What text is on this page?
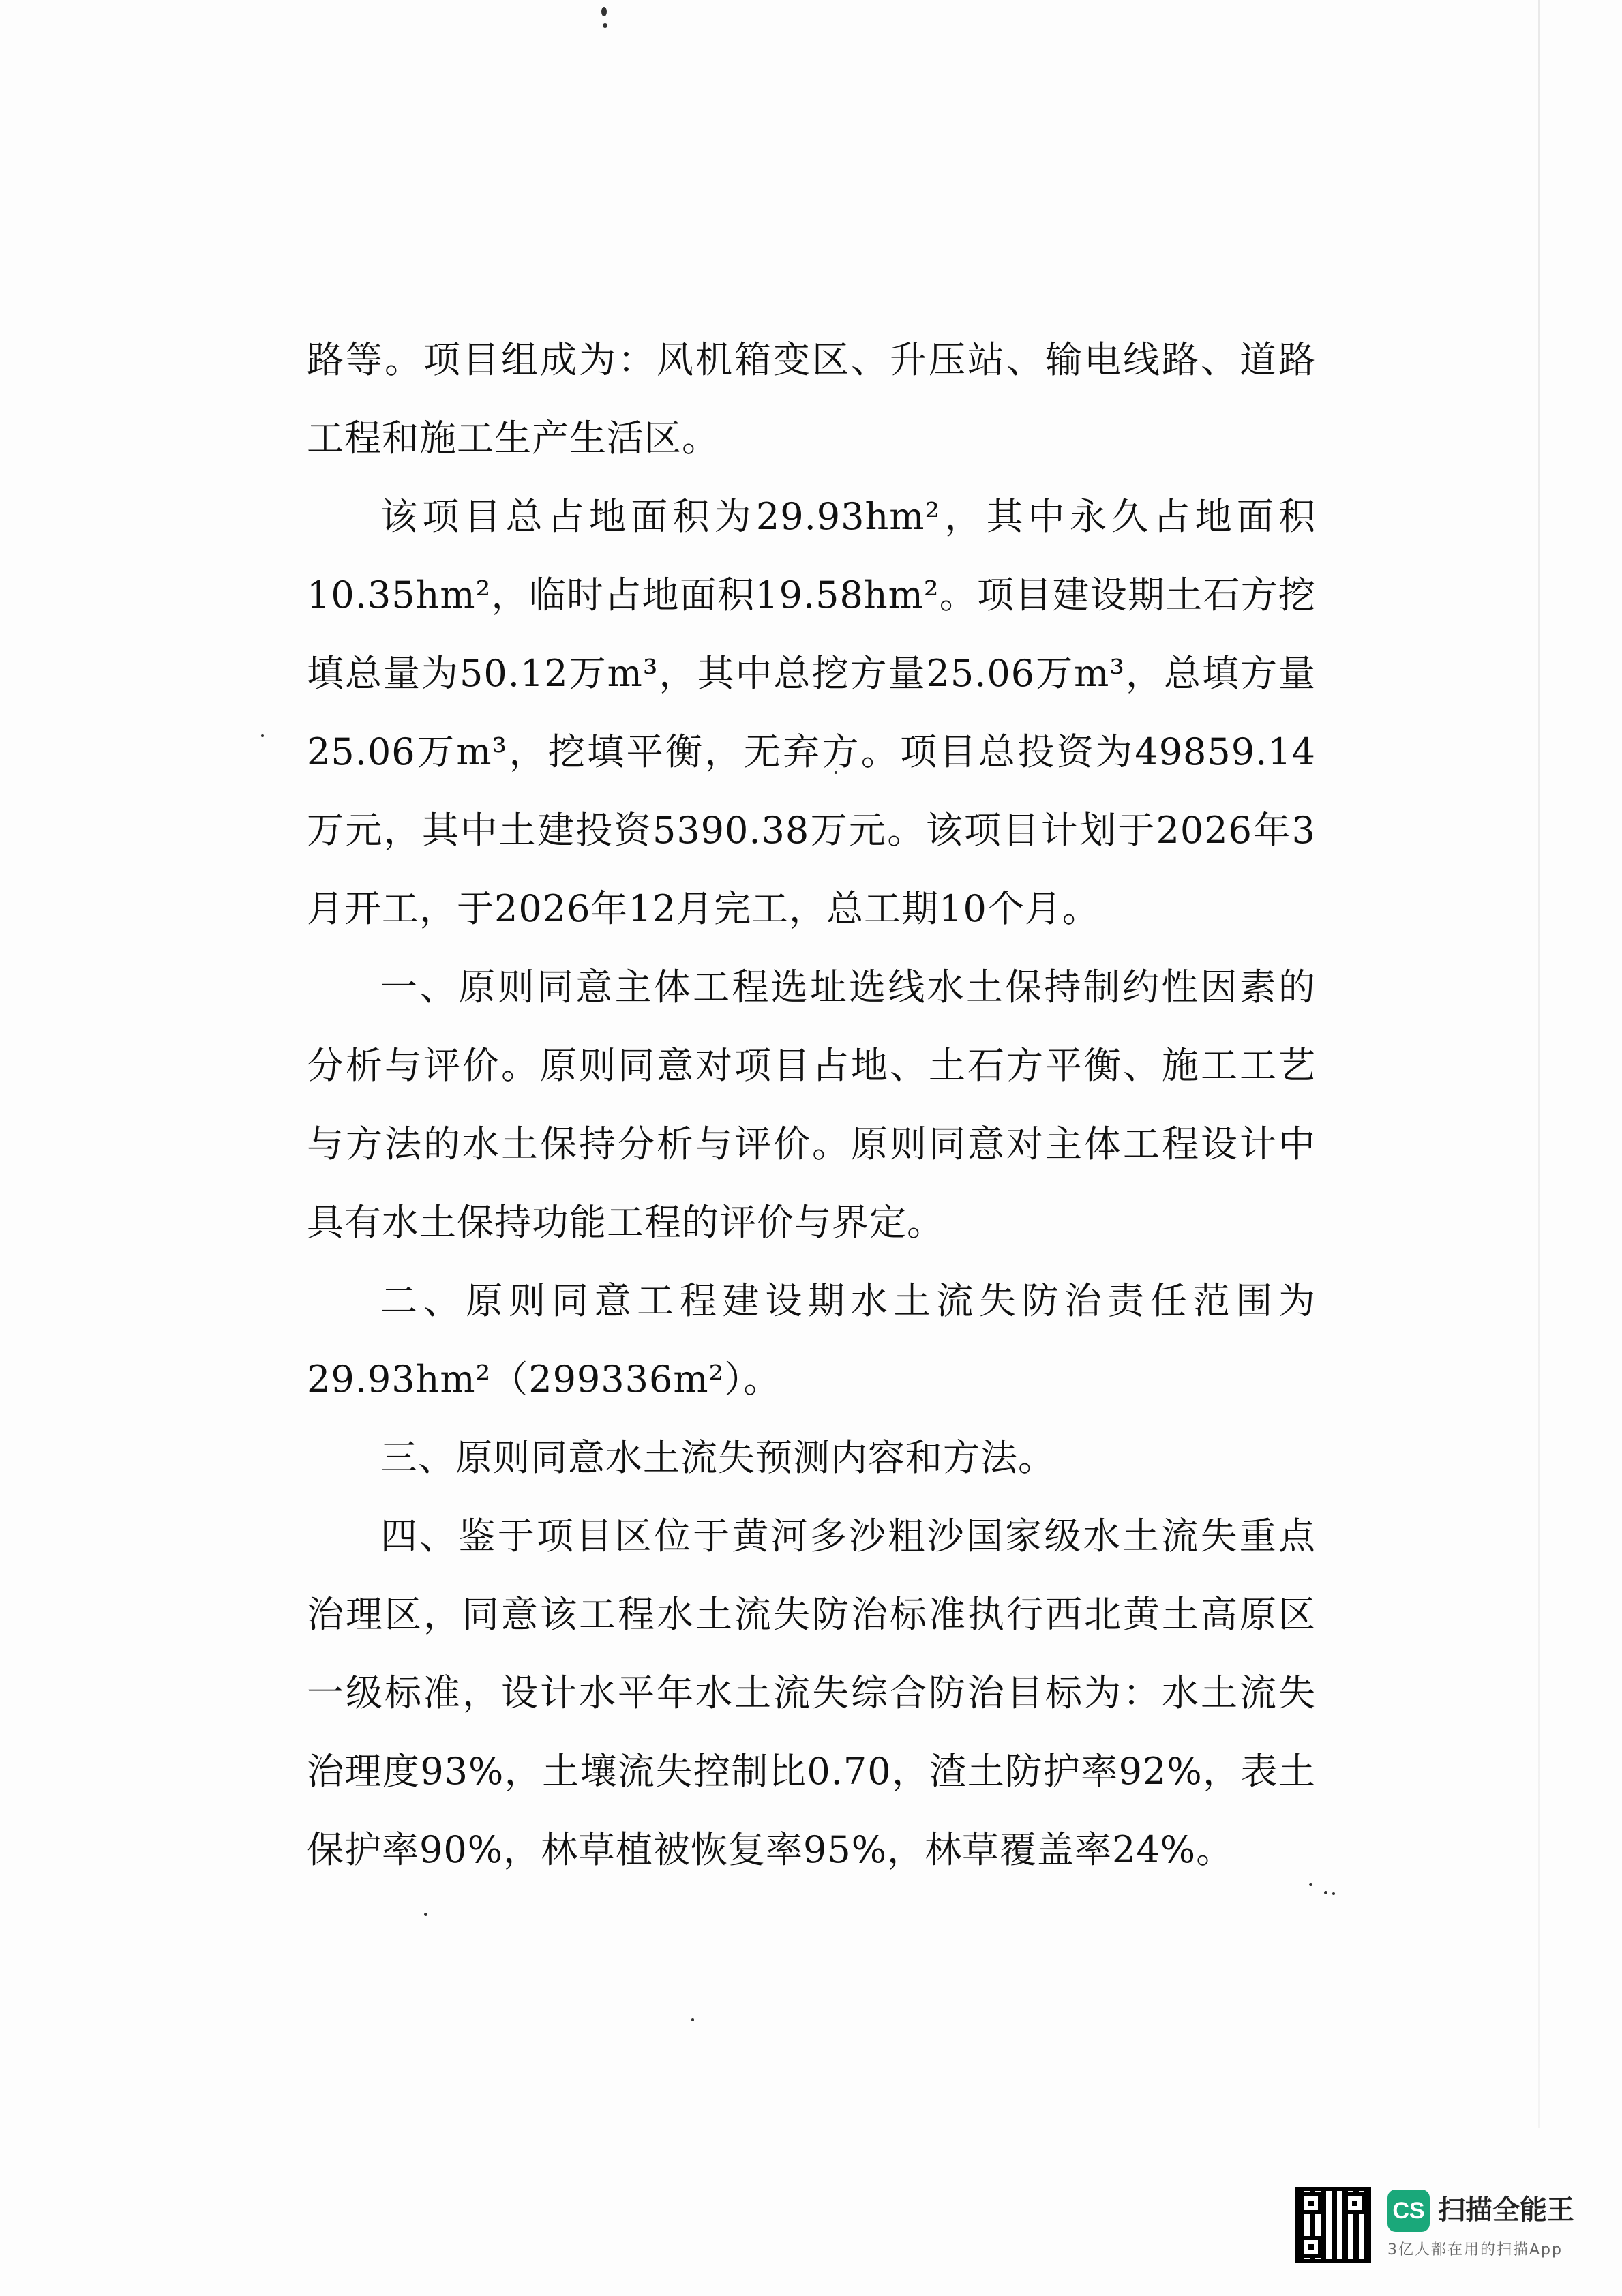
路等。项目组成为：风机箱变区、升压站、输电线路、道路工程和施工生产生活区。

该项目总占地面积为29.93hm²，其中永久占地面积10.35hm²，临时占地面积19.58hm²。项目建设期土石方挖填总量为50.12万m³，其中总挖方量25.06万m³，总填方量25.06万m³，挖填平衡，无弃方。项目总投资为49859.14万元，其中土建投资5390.38万元。该项目计划于2026年3月开工，于2026年12月完工，总工期10个月。

一、原则同意主体工程选址选线水土保持制约性因素的分析与评价。原则同意对项目占地、土石方平衡、施工工艺与方法的水土保持分析与评价。原则同意对主体工程设计中具有水土保持功能工程的评价与界定。

二、原则同意工程建设期水土流失防治责任范围为29.93hm²（299336m²）。

三、原则同意水土流失预测内容和方法。

四、鉴于项目区位于黄河多沙粗沙国家级水土流失重点治理区，同意该工程水土流失防治标准执行西北黄土高原区一级标准，设计水平年水土流失综合防治目标为：水土流失治理度93%，土壤流失控制比0.70，渣土防护率92%，表土保护率90%，林草植被恢复率95%，林草覆盖率24%。

CS 扫描全能王
3亿人都在用的扫描App
